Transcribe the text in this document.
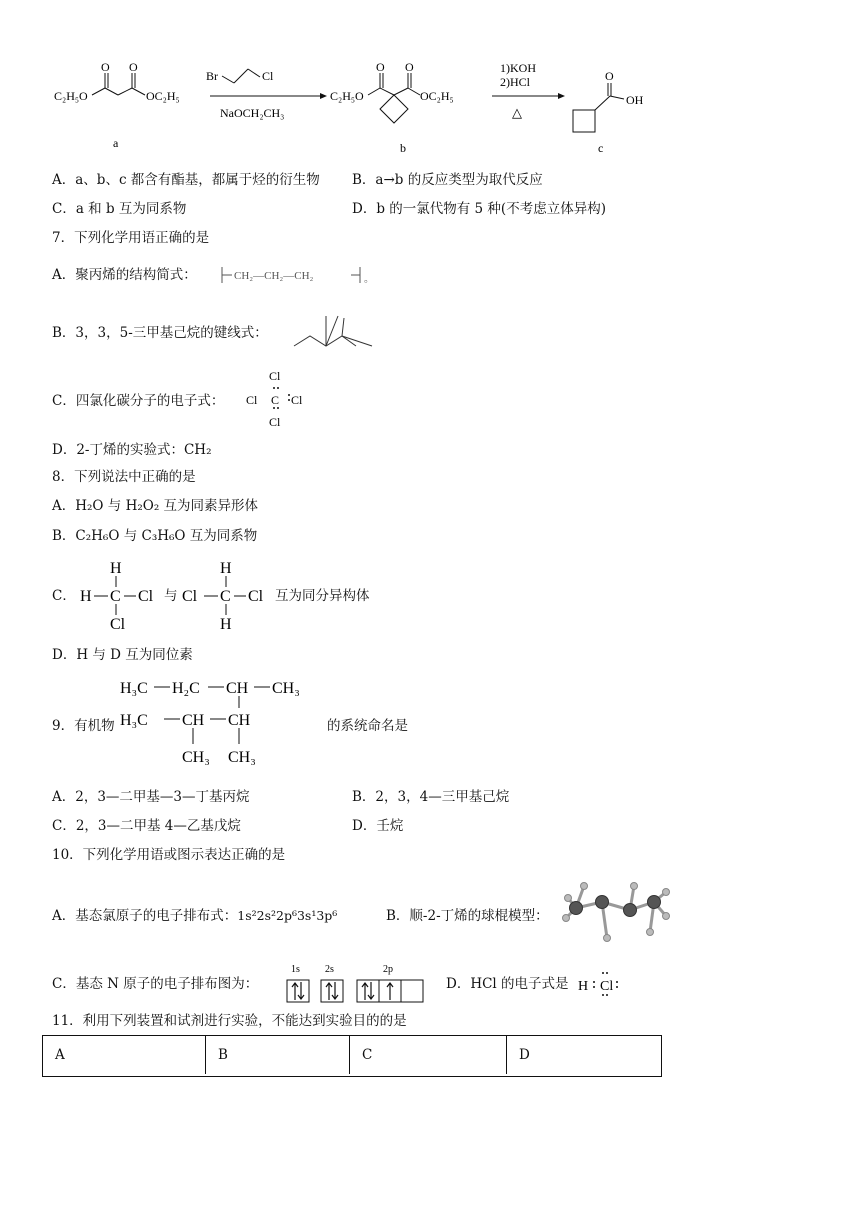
C₂H₅O	OC₂H₅
O O
a
Br	Cl
NaOCH₂CH₃
C₂H₅O	OC₂H₅
O O
b
1)KOH
2)HCl
△
O
OH
c
A．a、b、c 都含有酯基，都属于烃的衍生物 B．a→b 的反应类型为取代反应
C．a 和 b 互为同系物	D．b 的一氯代物有 5 种(不考虑立体异构)
7．下列化学用语正确的是
A．聚丙烯的结构简式：	CH₂—CH₂—CH₂	。
B．3，3，5-三甲基己烷的键线式：
C．四氯化碳分子的电子式：
Cl
Cl C Cl
Cl
D．2-丁烯的实验式：CH₂
8．下列说法中正确的是
A．H₂O 与 H₂O₂ 互为同素异形体
B．C₂H₆O 与 C₃H₆O 互为同系物
C．
H
H C Cl
Cl
与
H
Cl C Cl
H
互为同分异构体
D．H 与 D 互为同位素
9．有机物
H₃C H₂C CH CH₃
H₃C CH CH
CH₃ CH₃
的系统命名是
A．2，3—二甲基—3—丁基丙烷	B．2，3，4—三甲基己烷
C．2，3—二甲基 4—乙基戊烷	D．壬烷
10．下列化学用语或图示表达正确的是
A．基态氯原子的电子排布式：1s²2s²2p⁶3s¹3p⁶	B．顺-2-丁烯的球棍模型：
C．基态 N 原子的电子排布图为：
1s	2s	2p
D．HCl 的电子式是 H Cl
11．利用下列装置和试剂进行实验，不能达到实验目的的是
A	B	C	D
